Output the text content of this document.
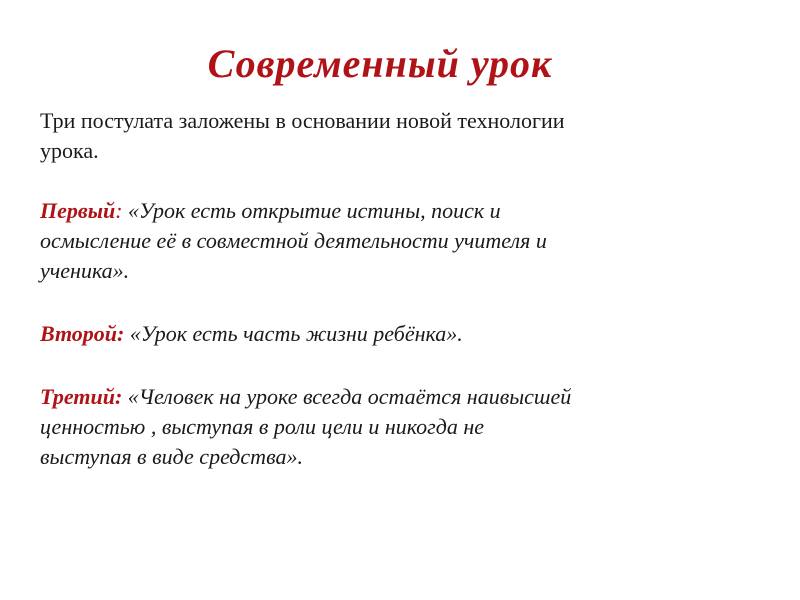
Современный урок

Три постулата заложены в основании новой технологии урока.

Первый: «Урок есть открытие истины, поиск и осмысление её в совместной деятельности учителя и ученика».

Второй: «Урок есть часть жизни ребёнка».

Третий: «Человек на уроке всегда остаётся наивысшей ценностью , выступая в роли цели и никогда не выступая в виде средства».
